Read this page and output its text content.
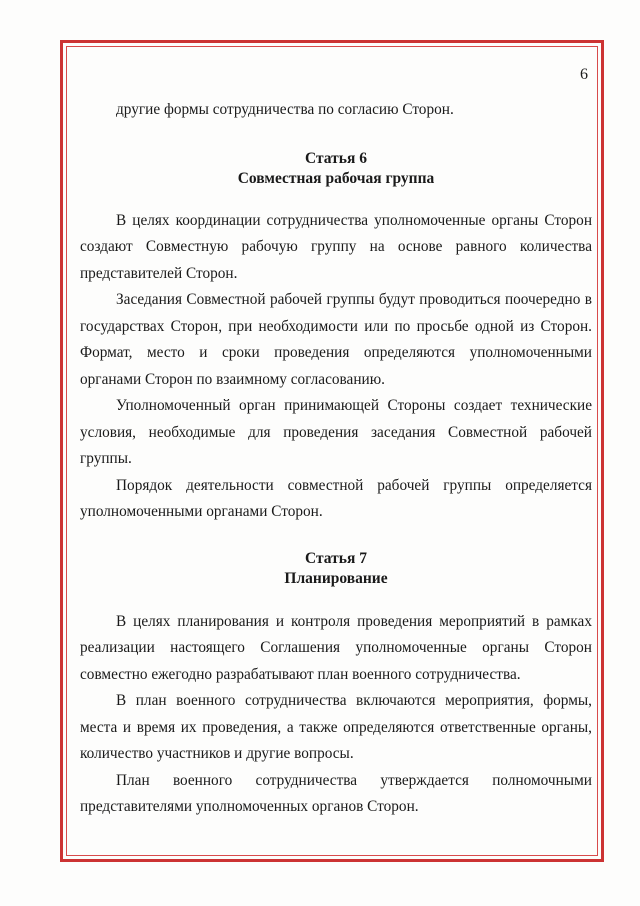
6

другие формы сотрудничества по согласию Сторон.

Статья 6
Совместная рабочая группа

В целях координации сотрудничества уполномоченные органы Сторон создают Совместную рабочую группу на основе равного количества представителей Сторон.

Заседания Совместной рабочей группы будут проводиться поочередно в государствах Сторон, при необходимости или по просьбе одной из Сторон. Формат, место и сроки проведения определяются уполномоченными органами Сторон по взаимному согласованию.

Уполномоченный орган принимающей Стороны создает технические условия, необходимые для проведения заседания Совместной рабочей группы.

Порядок деятельности совместной рабочей группы определяется уполномоченными органами Сторон.

Статья 7
Планирование

В целях планирования и контроля проведения мероприятий в рамках реализации настоящего Соглашения уполномоченные органы Сторон совместно ежегодно разрабатывают план военного сотрудничества.

В план военного сотрудничества включаются мероприятия, формы, места и время их проведения, а также определяются ответственные органы, количество участников и другие вопросы.

План военного сотрудничества утверждается полномочными

представителями уполномоченных органов Сторон.
